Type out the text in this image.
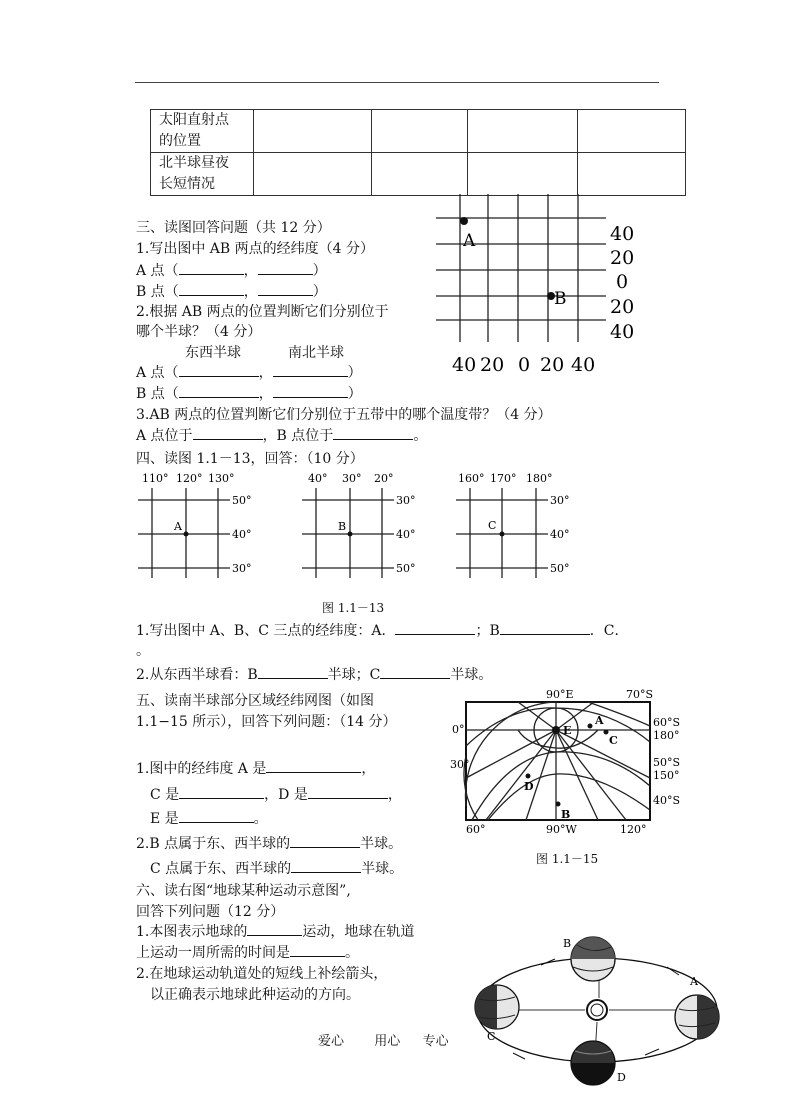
太阳直射点
的位置				
北半球昼夜
长短情况				
三、读图回答问题（共 12 分）
1.写出图中 AB 两点的经纬度（4 分）
A 点（	，	）
B 点（	，	）
2.根据 AB 两点的位置判断它们分别位于
哪个半球？（4 分）
东西半球	南北半球
A 点（	，	）
B 点（	，	）
3.AB 两点的位置判断它们分别位于五带中的哪个温度带？（4 分）
A 点位于	，B 点位于	。
A
B
40
20
0
20
40
40 20 0 20 40
四、读图 1.1－13，回答：（10 分）
110° 120° 130°
50°
40°
30°
A
40° 30° 20°
30°
40°
50°
B
160° 170° 180°
30°
40°
50°
C
图 1.1－13
1.写出图中 A、B、C 三点的经纬度：A．	；B	．C．
。
2.从东西半球看：B	半球；C	半球。
五、读南半球部分区域经纬网图（如图
1.1−15 所示），回答下列问题：（14 分）
1.图中的经纬度 A 是	，
C 是	，D 是	，
E 是	。
2.B 点属于东、西半球的	半球。
C 点属于东、西半球的	半球。
90°E	70°S
E
A
C
D
B
0°
30°
60°S
180°
50°S
150°
40°S
60°	90°W	120°
图 1.1－15
六、读右图“地球某种运动示意图”,
回答下列问题（12 分）
1.本图表示地球的	运动，地球在轨道
上运动一周所需的时间是	。
2.在地球运动轨道处的短线上补绘箭头，
以正确表示地球此种运动的方向。
A
B
C
D
爱心 用心 专心
